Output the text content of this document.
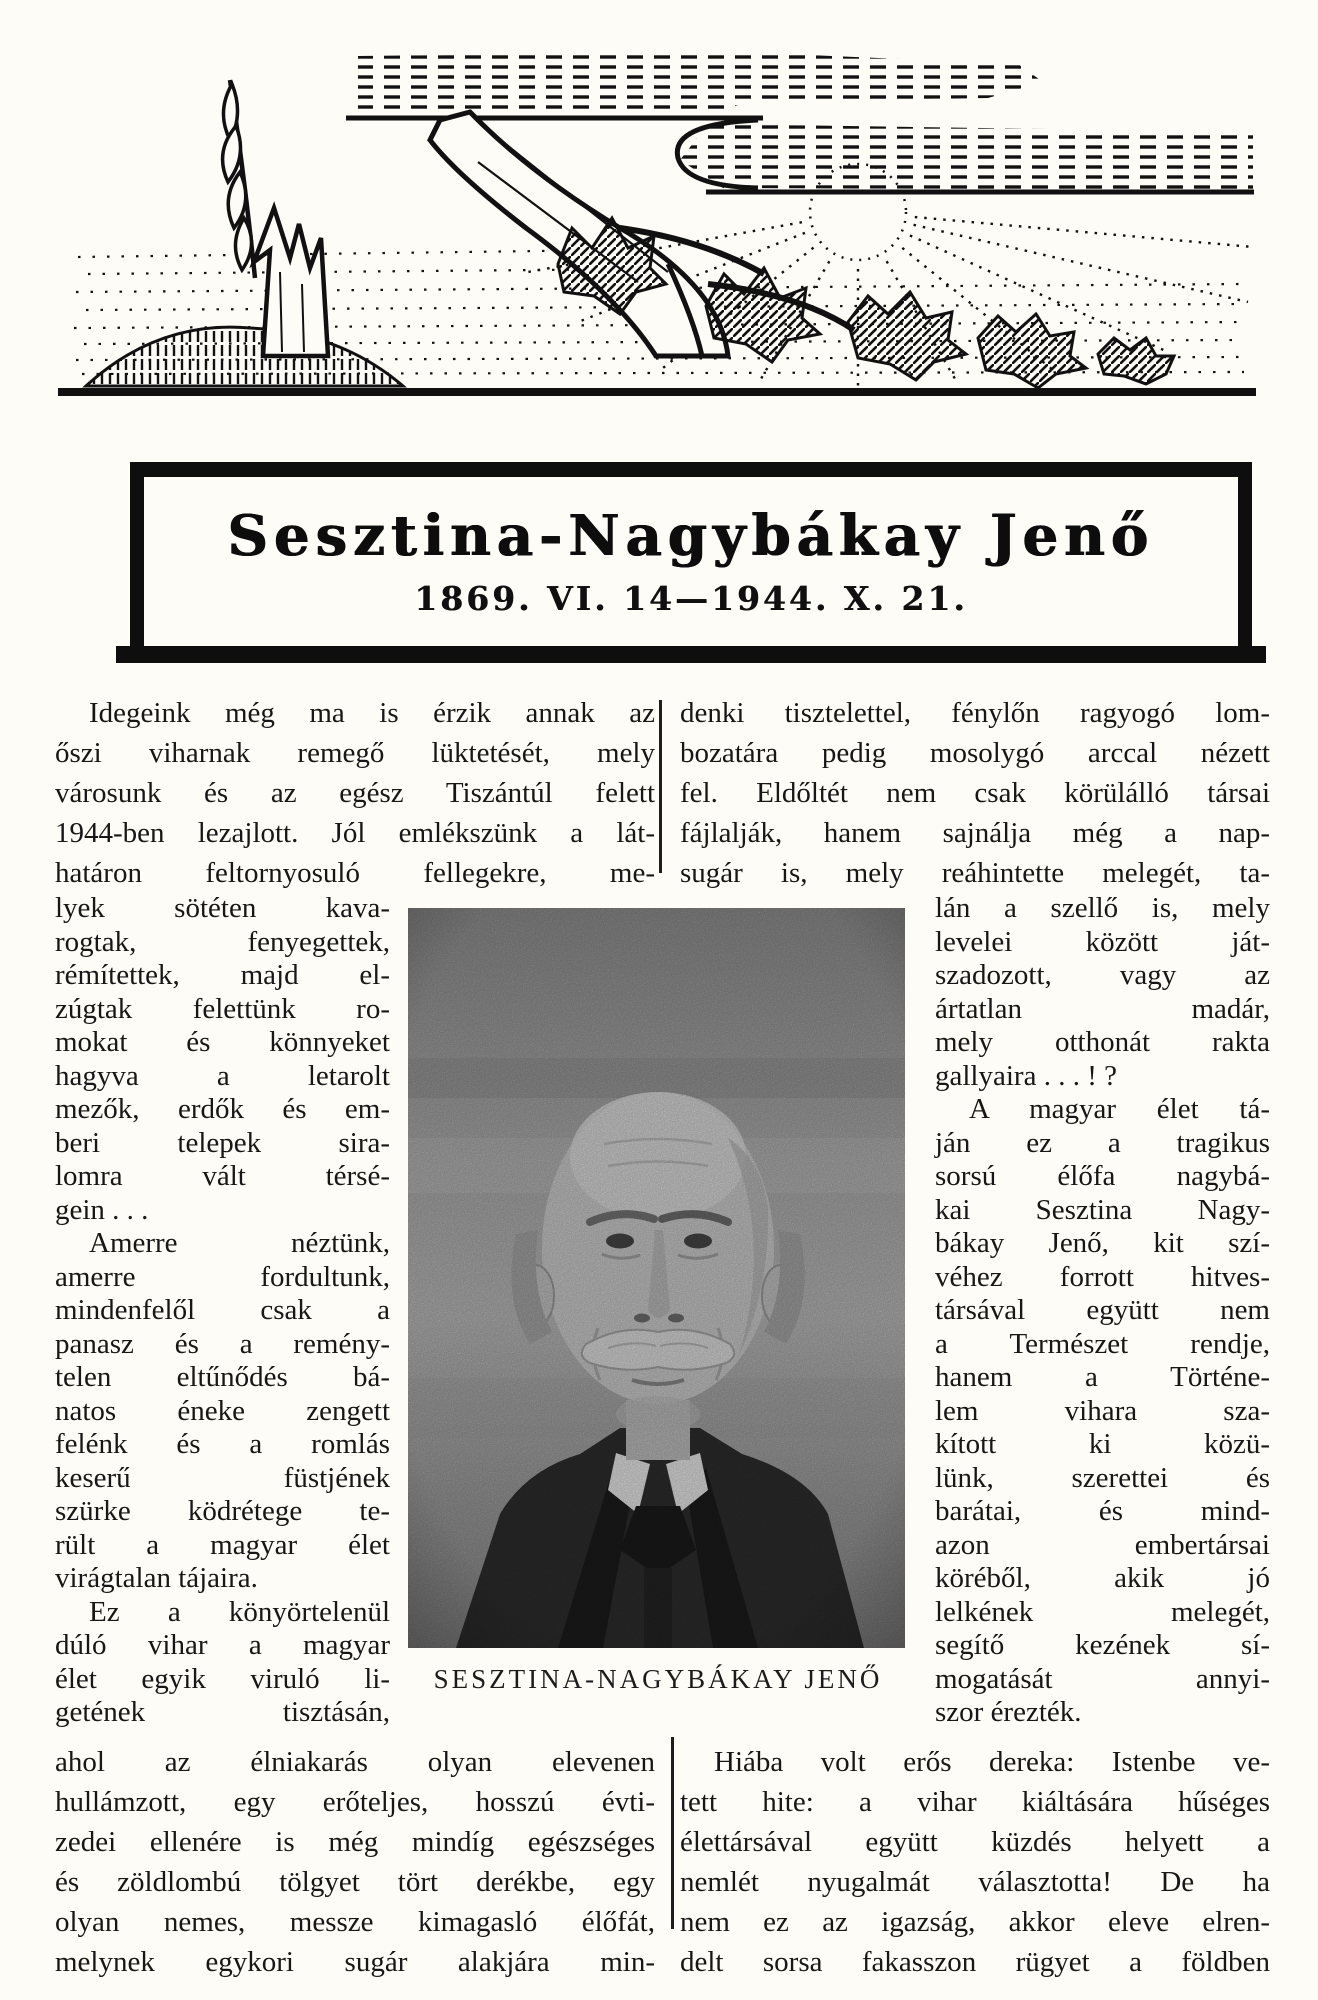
Sesztina-Nagybákay Jenő
1869. VI. 14—1944. X. 21.
Idegeink még ma is érzik annak az
őszi viharnak remegő lüktetését, mely
városunk és az egész Tiszántúl felett
1944-ben lezajlott. Jól emlékszünk a lát-
határon feltornyosuló fellegekre, me-
lyek sötéten kava-
rogtak, fenyegettek,
rémítettek, majd el-
zúgtak felettünk ro-
mokat és könnyeket
hagyva a letarolt
mezők, erdők és em-
beri telepek sira-
lomra vált térsé-
gein . . .
Amerre néztünk,
amerre fordultunk,
mindenfelől csak a
panasz és a remény-
telen eltűnődés bá-
natos éneke zengett
felénk és a romlás
keserű füstjének
szürke ködrétege te-
rült a magyar élet
virágtalan tájaira.
Ez a könyörtelenül
dúló vihar a magyar
élet egyik viruló li-
getének tisztásán,
ahol az élniakarás olyan elevenen
hullámzott, egy erőteljes, hosszú évti-
zedei ellenére is még mindíg egészséges
és zöldlombú tölgyet tört derékbe, egy
olyan nemes, messze kimagasló élőfát,
melynek egykori sugár alakjára min-
denki tisztelettel, fénylőn ragyogó lom-
bozatára pedig mosolygó arccal nézett
fel. Eldőltét nem csak körülálló társai
fájlalják, hanem sajnálja még a nap-
sugár is, mely reáhintette melegét, ta-
lán a szellő is, mely
levelei között ját-
szadozott, vagy az
ártatlan madár,
mely otthonát rakta
gallyaira . . . ! ?
A magyar élet tá-
ján ez a tragikus
sorsú élőfa nagybá-
kai Sesztina Nagy-
bákay Jenő, kit szí-
véhez forrott hitves-
társával együtt nem
a Természet rendje,
hanem a Történe-
lem vihara sza-
kított ki közü-
lünk, szerettei és
barátai, és mind-
azon embertársai
köréből, akik jó
lelkének melegét,
segítő kezének sí-
mogatását annyi-
szor érezték.
Hiába volt erős dereka: Istenbe ve-
tett hite: a vihar kiáltására hűséges
élettársával együtt küzdés helyett a
nemlét nyugalmát választotta! De ha
nem ez az igazság, akkor eleve elren-
delt sorsa fakasszon rügyet a földben
SESZTINA-NAGYBÁKAY JENŐ
